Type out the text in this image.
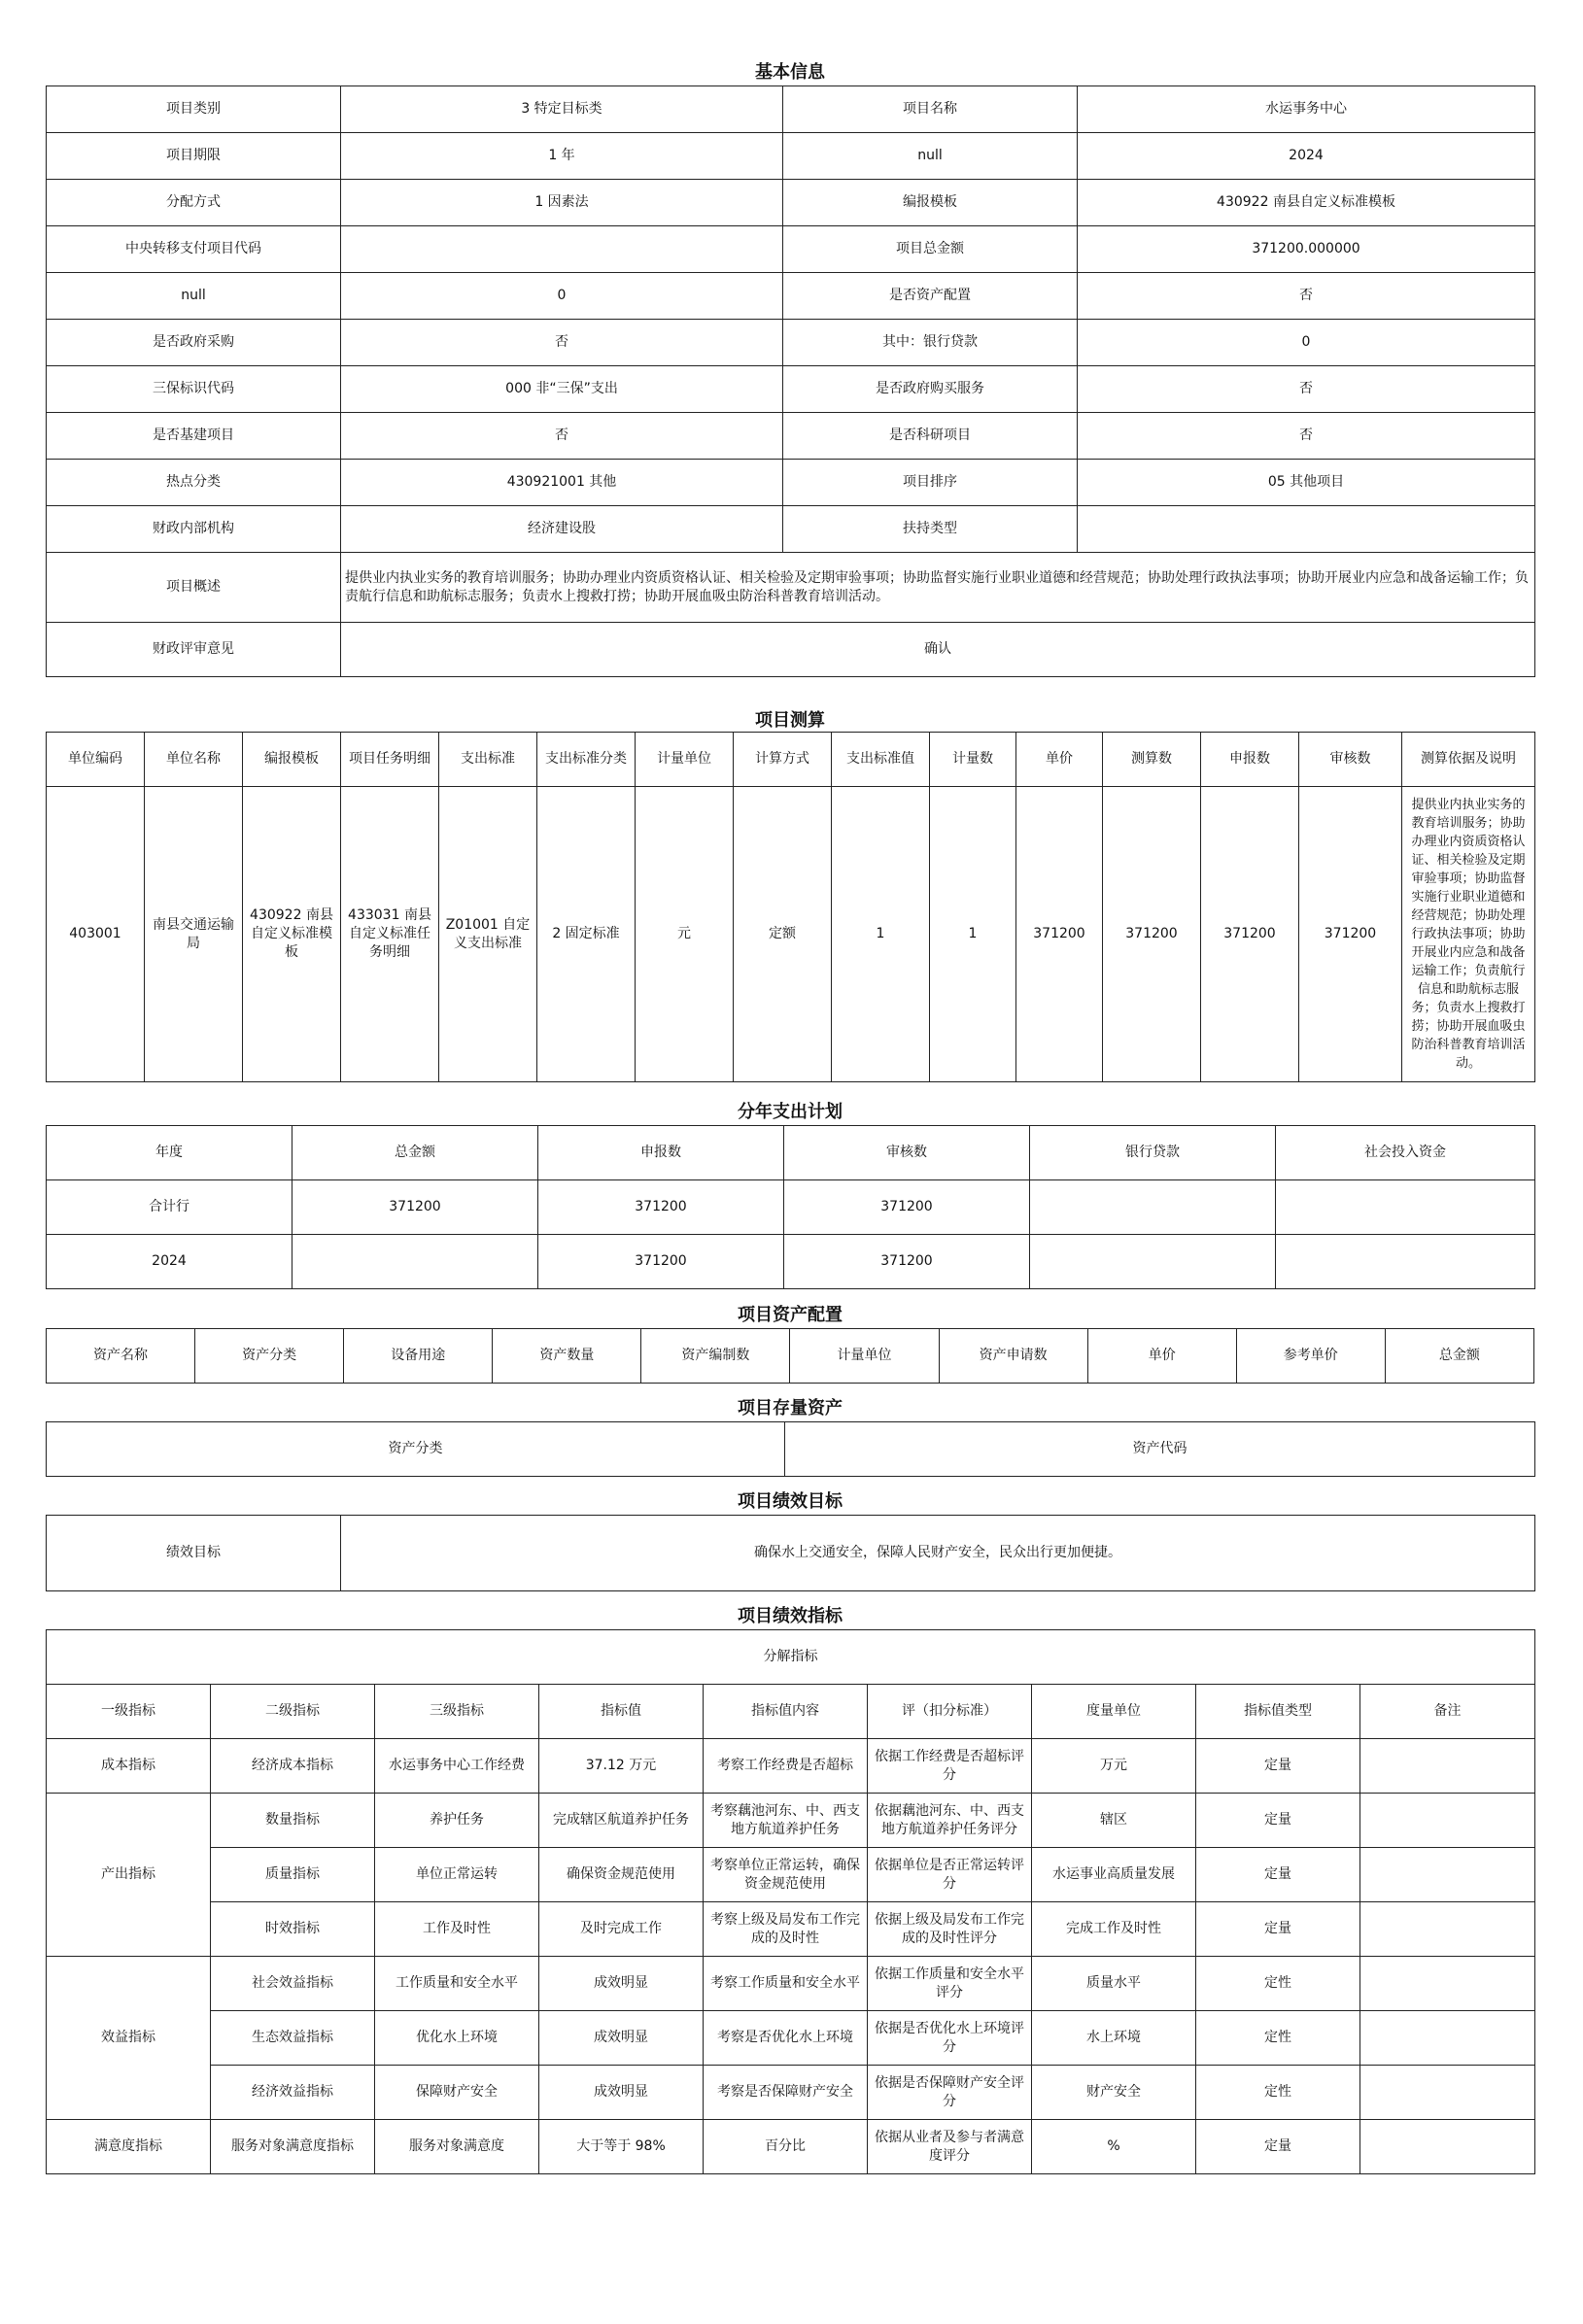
基本信息
项目类别	3 特定目标类	项目名称	水运事务中心
项目期限	1 年	null	2024
分配方式	1 因素法	编报模板	430922 南县自定义标准模板
中央转移支付项目代码		项目总金额	371200.000000
null	0	是否资产配置	否
是否政府采购	否	其中：银行贷款	0
三保标识代码	000 非“三保”支出	是否政府购买服务	否
是否基建项目	否	是否科研项目	否
热点分类	430921001 其他	项目排序	05 其他项目
财政内部机构	经济建设股	扶持类型	
项目概述	提供业内执业实务的教育培训服务；协助办理业内资质资格认证、相关检验及定期审验事项；协助监督实施行业职业道德和经营规范；协助处理行政执法事项；协助开展业内应急和战备运输工作；负责航行信息和助航标志服务；负责水上搜救打捞；协助开展血吸虫防治科普教育培训活动。		
财政评审意见	确认		
项目测算
单位编码	单位名称	编报模板	项目任务明细	支出标准	支出标准分类	计量单位	计算方式	支出标准值	计量数	单价	测算数	申报数	审核数	测算依据及说明
403001	南县交通运输局	430922 南县自定义标准模板	433031 南县自定义标准任务明细	Z01001 自定义支出标准	2 固定标准	元	定额	1	1	371200	371200	371200	371200	提供业内执业实务的教育培训服务；协助办理业内资质资格认证、相关检验及定期审验事项；协助监督实施行业职业道德和经营规范；协助处理行政执法事项；协助开展业内应急和战备运输工作；负责航行信息和助航标志服务；负责水上搜救打捞；协助开展血吸虫防治科普教育培训活动。
分年支出计划
年度	总金额	申报数	审核数	银行贷款	社会投入资金
合计行	371200	371200	371200		
2024		371200	371200		
项目资产配置
资产名称	资产分类	设备用途	资产数量	资产编制数	计量单位	资产申请数	单价	参考单价	总金额
项目存量资产
资产分类	资产代码
项目绩效目标
绩效目标	确保水上交通安全，保障人民财产安全，民众出行更加便捷。
项目绩效指标
分解指标								
一级指标	二级指标	三级指标	指标值	指标值内容	评（扣分标准）	度量单位	指标值类型	备注
成本指标	经济成本指标	水运事务中心工作经费	37.12 万元	考察工作经费是否超标	依据工作经费是否超标评分	万元	定量	
产出指标	数量指标	养护任务	完成辖区航道养护任务	考察藕池河东、中、西支地方航道养护任务	依据藕池河东、中、西支地方航道养护任务评分	辖区	定量	
	质量指标	单位正常运转	确保资金规范使用	考察单位正常运转，确保资金规范使用	依据单位是否正常运转评分	水运事业高质量发展	定量	
	时效指标	工作及时性	及时完成工作	考察上级及局发布工作完成的及时性	依据上级及局发布工作完成的及时性评分	完成工作及时性	定量	
效益指标	社会效益指标	工作质量和安全水平	成效明显	考察工作质量和安全水平	依据工作质量和安全水平评分	质量水平	定性	
	生态效益指标	优化水上环境	成效明显	考察是否优化水上环境	依据是否优化水上环境评分	水上环境	定性	
	经济效益指标	保障财产安全	成效明显	考察是否保障财产安全	依据是否保障财产安全评分	财产安全	定性	
满意度指标	服务对象满意度指标	服务对象满意度	大于等于 98%	百分比	依据从业者及参与者满意度评分	%	定量	
